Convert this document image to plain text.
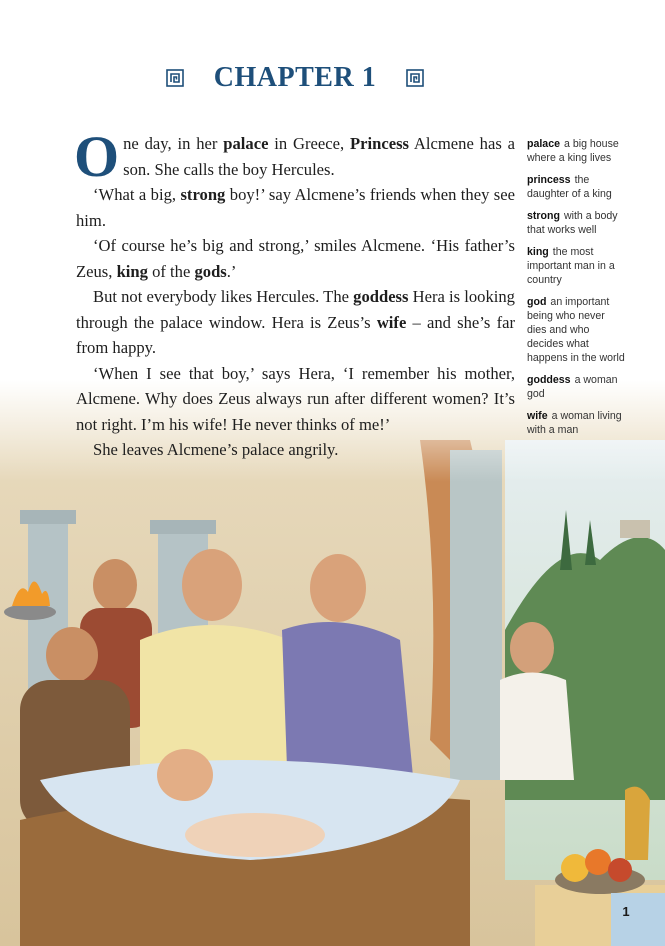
CHAPTER 1

One day, in her palace in Greece, Princess Alcmene has a son. She calls the boy Hercules.

‘What a big, strong boy!’ say Alcmene’s friends when they see him.

‘Of course he’s big and strong,’ smiles Alcmene. ‘His father’s Zeus, king of the gods.’

But not everybody likes Hercules. The goddess Hera is looking through the palace window. Hera is Zeus’s wife – and she’s far from happy.

‘When I see that boy,’ says Hera, ‘I remember his mother, Alcmene. Why does Zeus always run after different women? It’s not right. I’m his wife! He never thinks of me!’

She leaves Alcmene’s palace angrily.

palace a big house where a king lives
princess the daughter of a king
strong with a body that works well
king the most important man in a country
god an important being who never dies and who decides what happens in the world
goddess a woman god
wife a woman living with a man
1
